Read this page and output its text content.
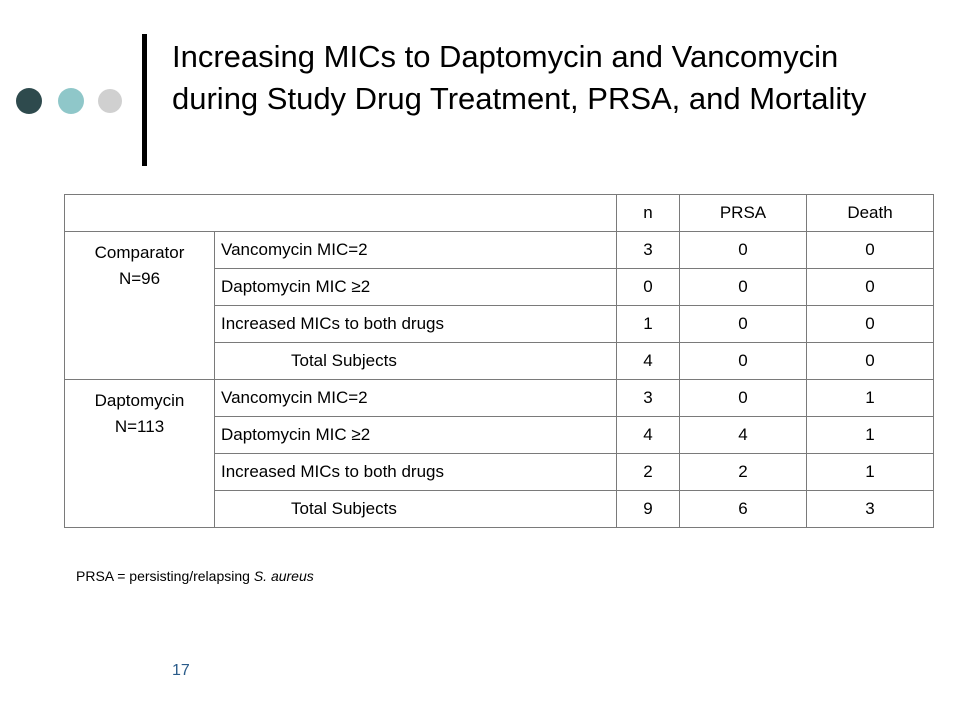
Increasing MICs to Daptomycin and Vancomycin during Study Drug Treatment, PRSA, and Mortality
		n	PRSA	Death
Comparator
N=96	Vancomycin MIC=2	3	0	0
	Daptomycin MIC ≥2	0	0	0
	Increased MICs to both drugs	1	0	0
	Total Subjects	4	0	0
Daptomycin
N=113	Vancomycin MIC=2	3	0	1
	Daptomycin MIC ≥2	4	4	1
	Increased MICs to both drugs	2	2	1
	Total Subjects	9	6	3

PRSA = persisting/relapsing S. aureus

17
